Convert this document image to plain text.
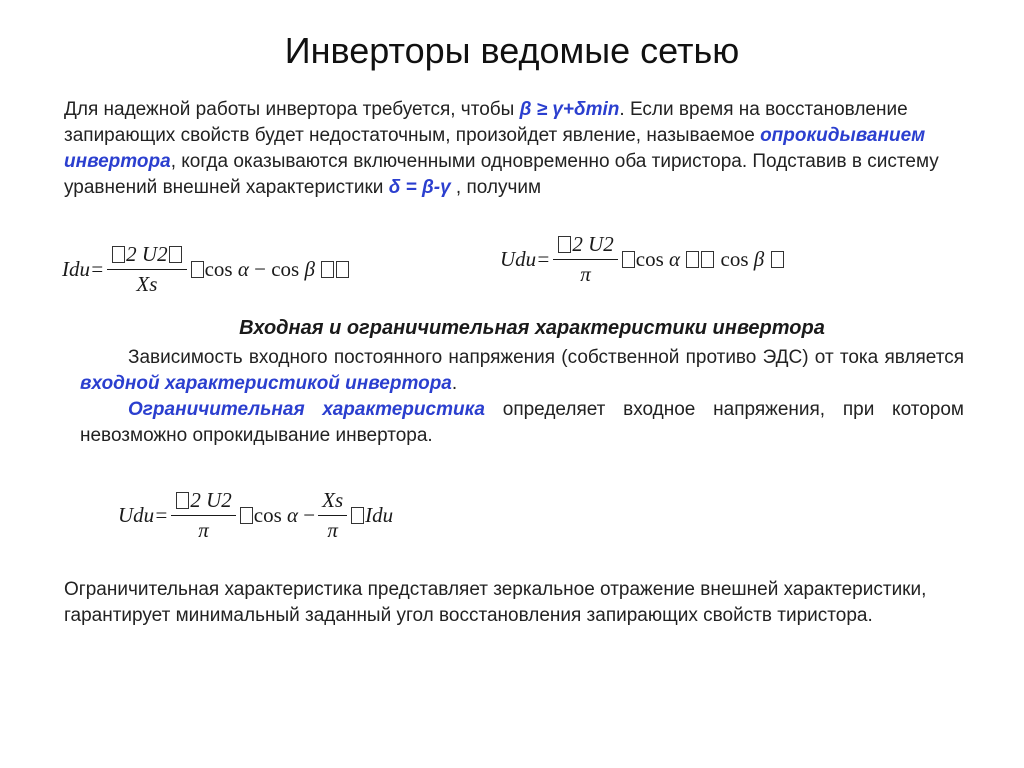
Инверторы ведомые сетью
Для надежной работы инвертора требуется, чтобы β ≥ γ+δmin. Если время на восстановление запирающих свойств будет недостаточным, произойдет явление, называемое опрокидыванием инвертора, когда оказываются включенными одновременно оба тиристора. Подставив в систему уравнений внешней характеристики δ = β-γ , получим
$Idu= \frac{2 U2}{Xs}$ cos
α
−
cos
β
	$Udu= \frac{2 U2}{\pi}$ cos
α

cos
β

Входная и ограничительная характеристики инвертора
Зависимость входного постоянного напряжения (собственной противо ЭДС) от тока является входной характеристикой инвертора.
Ограничительная характеристика определяет входное напряжения, при котором невозможно опрокидывание инвертора.
$Udu= \frac{2 U2}{\pi}$ cos
α
− $\frac{Xs}{\pi}$ Idu
Ограничительная характеристика представляет зеркальное отражение внешней характеристики, гарантирует минимальный заданный угол восстановления запирающих свойств тиристора.
